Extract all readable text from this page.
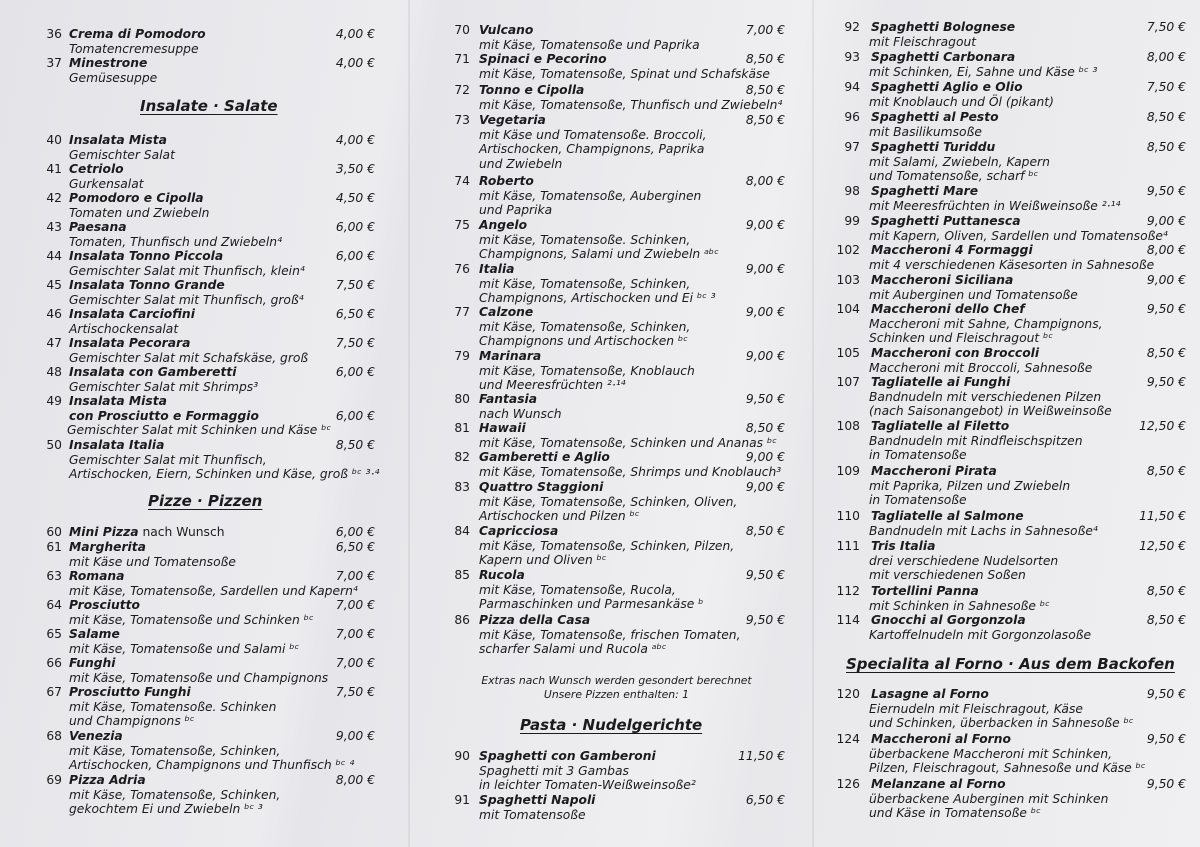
36 Crema di Pomodoro	4,00 €
Tomatencremesuppe
37 Minestrone	4,00 €
Gemüsesuppe
40 Insalata Mista	4,00 €
Gemischter Salat
41 Cetriolo	3,50 €
Gurkensalat
42 Pomodoro e Cipolla	4,50 €
Tomaten und Zwiebeln
43 Paesana	6,00 €
Tomaten, Thunfisch und Zwiebeln⁴
44 Insalata Tonno Piccola	6,00 €
Gemischter Salat mit Thunfisch, klein⁴
45 Insalata Tonno Grande	7,50 €
Gemischter Salat mit Thunfisch, groß⁴
46 Insalata Carciofini	6,50 €
Artischockensalat
47 Insalata Pecorara	7,50 €
Gemischter Salat mit Schafskäse, groß
48 Insalata con Gamberetti	6,00 €
Gemischter Salat mit Shrimps³
49 Insalata Mista
con Prosciutto e Formaggio	6,00 €
Gemischter Salat mit Schinken und Käse ᵇᶜ
50 Insalata Italia	8,50 €
Gemischter Salat mit Thunfisch,
Artischocken, Eiern, Schinken und Käse, groß ᵇᶜ ³·⁴
60 Mini Pizza nach Wunsch	6,00 €
61 Margherita	6,50 €
mit Käse und Tomatensoße
63 Romana	7,00 €
mit Käse, Tomatensoße, Sardellen und Kapern⁴
64 Prosciutto	7,00 €
mit Käse, Tomatensoße und Schinken ᵇᶜ
65 Salame	7,00 €
mit Käse, Tomatensoße und Salami ᵇᶜ
66 Funghi	7,00 €
mit Käse, Tomatensoße und Champignons
67 Prosciutto Funghi	7,50 €
mit Käse, Tomatensoße. Schinken
und Champignons ᵇᶜ
68 Venezia	9,00 €
mit Käse, Tomatensoße, Schinken,
Artischocken, Champignons und Thunfisch ᵇᶜ ⁴
69 Pizza Adria	8,00 €
mit Käse, Tomatensoße, Schinken,
gekochtem Ei und Zwiebeln ᵇᶜ ³
Insalate · Salate
Pizze · Pizzen
70 Vulcano	7,00 €
mit Käse, Tomatensoße und Paprika
71 Spinaci e Pecorino	8,50 €
mit Käse, Tomatensoße, Spinat und Schafskäse
72 Tonno e Cipolla	8,50 €
mit Käse, Tomatensoße, Thunfisch und Zwiebeln⁴
73 Vegetaria	8,50 €
mit Käse und Tomatensoße. Broccoli,
Artischocken, Champignons, Paprika
und Zwiebeln
74 Roberto	8,00 €
mit Käse, Tomatensoße, Auberginen
und Paprika
75 Angelo	9,00 €
mit Käse, Tomatensoße. Schinken,
Champignons, Salami und Zwiebeln ᵃᵇᶜ
76 Italia	9,00 €
mit Käse, Tomatensoße, Schinken,
Champignons, Artischocken und Ei ᵇᶜ ³
77 Calzone	9,00 €
mit Käse, Tomatensoße, Schinken,
Champignons und Artischocken ᵇᶜ
79 Marinara	9,00 €
mit Käse, Tomatensoße, Knoblauch
und Meeresfrüchten ²·¹⁴
80 Fantasia	9,50 €
nach Wunsch
81 Hawaii	8,50 €
mit Käse, Tomatensoße, Schinken und Ananas ᵇᶜ
82 Gamberetti e Aglio	9,00 €
mit Käse, Tomatensoße, Shrimps und Knoblauch³
83 Quattro Staggioni	9,00 €
mit Käse, Tomatensoße, Schinken, Oliven,
Artischocken und Pilzen ᵇᶜ
84 Capricciosa	8,50 €
mit Käse, Tomatensoße, Schinken, Pilzen,
Kapern und Oliven ᵇᶜ
85 Rucola	9,50 €
mit Käse, Tomatensoße, Rucola,
Parmaschinken und Parmesankäse ᵇ
86 Pizza della Casa	9,50 €
mit Käse, Tomatensoße, frischen Tomaten,
scharfer Salami und Rucola ᵃᵇᶜ
90 Spaghetti con Gamberoni	11,50 €
Spaghetti mit 3 Gambas
in leichter Tomaten-Weißweinsoße²
91 Spaghetti Napoli	6,50 €
mit Tomatensoße
Pasta · Nudelgerichte
Extras nach Wunsch werden gesondert berechnet
Unsere Pizzen enthalten: 1
92 Spaghetti Bolognese	7,50 €
mit Fleischragout
93 Spaghetti Carbonara	8,00 €
mit Schinken, Ei, Sahne und Käse ᵇᶜ ³
94 Spaghetti Aglio e Olio	7,50 €
mit Knoblauch und Öl (pikant)
96 Spaghetti al Pesto	8,50 €
mit Basilikumsoße
97 Spaghetti Turiddu	8,50 €
mit Salami, Zwiebeln, Kapern
und Tomatensoße, scharf ᵇᶜ
98 Spaghetti Mare	9,50 €
mit Meeresfrüchten in Weißweinsoße ²·¹⁴
99 Spaghetti Puttanesca	9,00 €
mit Kapern, Oliven, Sardellen und Tomatensoße⁴
102 Maccheroni 4 Formaggi	8,00 €
mit 4 verschiedenen Käsesorten in Sahnesoße
103 Maccheroni Siciliana	9,00 €
mit Auberginen und Tomatensoße
104 Maccheroni dello Chef	9,50 €
Maccheroni mit Sahne, Champignons,
Schinken und Fleischragout ᵇᶜ
105 Maccheroni con Broccoli	8,50 €
Maccheroni mit Broccoli, Sahnesoße
107 Tagliatelle ai Funghi	9,50 €
Bandnudeln mit verschiedenen Pilzen
(nach Saisonangebot) in Weißweinsoße
108 Tagliatelle al Filetto	12,50 €
Bandnudeln mit Rindfleischspitzen
in Tomatensoße
109 Maccheroni Pirata	8,50 €
mit Paprika, Pilzen und Zwiebeln
in Tomatensoße
110 Tagliatelle al Salmone	11,50 €
Bandnudeln mit Lachs in Sahnesoße⁴
111 Tris Italia	12,50 €
drei verschiedene Nudelsorten
mit verschiedenen Soßen
112 Tortellini Panna	8,50 €
mit Schinken in Sahnesoße ᵇᶜ
114 Gnocchi al Gorgonzola	8,50 €
Kartoffelnudeln mit Gorgonzolasoße
120 Lasagne al Forno	9,50 €
Eiernudeln mit Fleischragout, Käse
und Schinken, überbacken in Sahnesoße ᵇᶜ
124 Maccheroni al Forno	9,50 €
überbackene Maccheroni mit Schinken,
Pilzen, Fleischragout, Sahnesoße und Käse ᵇᶜ
126 Melanzane al Forno	9,50 €
überbackene Auberginen mit Schinken
und Käse in Tomatensoße ᵇᶜ
Specialita al Forno · Aus dem Backofen
